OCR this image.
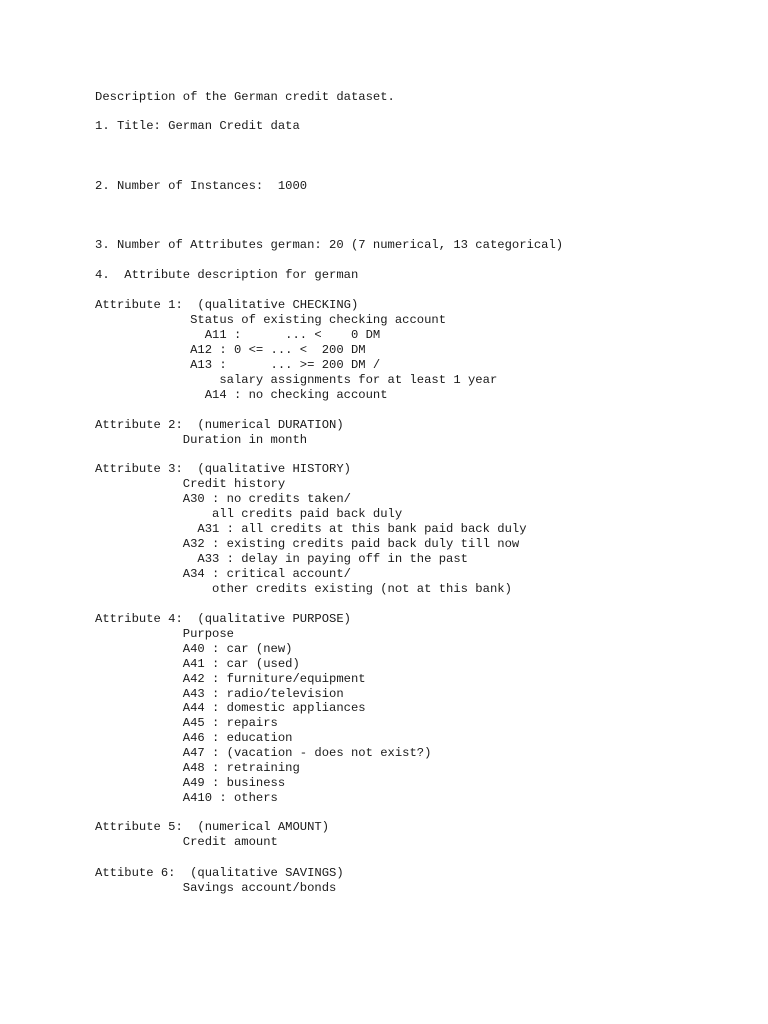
Description of the German credit dataset.
1. Title: German Credit data
2. Number of Instances:  1000
3. Number of Attributes german: 20 (7 numerical, 13 categorical)
4.  Attribute description for german
Attribute 1:  (qualitative CHECKING)
Status of existing checking account
A11 :      ... <    0 DM
A12 : 0 <= ... <  200 DM
A13 :      ... >= 200 DM /
salary assignments for at least 1 year
A14 : no checking account
Attribute 2:  (numerical DURATION)
Duration in month
Attribute 3:  (qualitative HISTORY)
Credit history
A30 : no credits taken/
all credits paid back duly
A31 : all credits at this bank paid back duly
A32 : existing credits paid back duly till now
A33 : delay in paying off in the past
A34 : critical account/
other credits existing (not at this bank)
Attribute 4:  (qualitative PURPOSE)
Purpose
A40 : car (new)
A41 : car (used)
A42 : furniture/equipment
A43 : radio/television
A44 : domestic appliances
A45 : repairs
A46 : education
A47 : (vacation - does not exist?)
A48 : retraining
A49 : business
A410 : others
Attribute 5:  (numerical AMOUNT)
Credit amount
Attibute 6:  (qualitative SAVINGS)
Savings account/bonds
